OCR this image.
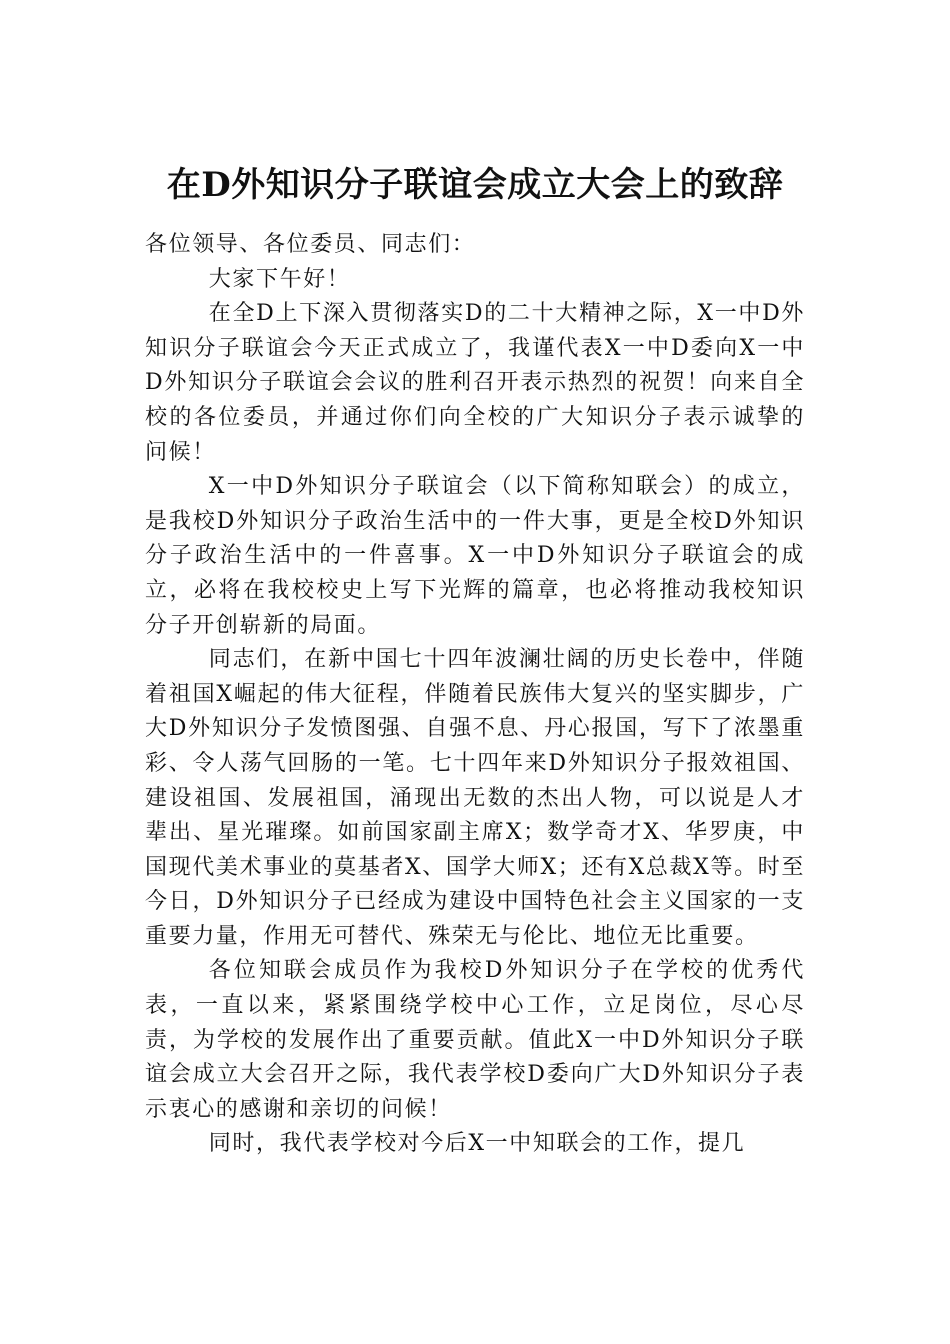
在D外知识分子联谊会成立大会上的致辞

各位领导、各位委员、同志们：

大家下午好！

在全D上下深入贯彻落实D的二十大精神之际，X一中D外知识分子联谊会今天正式成立了，我谨代表X一中D委向X一中D外知识分子联谊会会议的胜利召开表示热烈的祝贺！向来自全校的各位委员，并通过你们向全校的广大知识分子表示诚挚的问候！

X一中D外知识分子联谊会（以下简称知联会）的成立，是我校D外知识分子政治生活中的一件大事，更是全校D外知识分子政治生活中的一件喜事。X一中D外知识分子联谊会的成立，必将在我校校史上写下光辉的篇章，也必将推动我校知识分子开创崭新的局面。

同志们，在新中国七十四年波澜壮阔的历史长卷中，伴随着祖国X崛起的伟大征程，伴随着民族伟大复兴的坚实脚步，广大D外知识分子发愤图强、自强不息、丹心报国，写下了浓墨重彩、令人荡气回肠的一笔。七十四年来D外知识分子报效祖国、建设祖国、发展祖国，涌现出无数的杰出人物，可以说是人才辈出、星光璀璨。如前国家副主席X；数学奇才X、华罗庚，中国现代美术事业的莫基者X、国学大师X；还有X总裁X等。时至今日，D外知识分子已经成为建设中国特色社会主义国家的一支重要力量，作用无可替代、殊荣无与伦比、地位无比重要。

各位知联会成员作为我校D外知识分子在学校的优秀代表，一直以来，紧紧围绕学校中心工作，立足岗位，尽心尽责，为学校的发展作出了重要贡献。值此X一中D外知识分子联谊会成立大会召开之际，我代表学校D委向广大D外知识分子表示衷心的感谢和亲切的问候！

同时，我代表学校对今后X一中知联会的工作，提几
